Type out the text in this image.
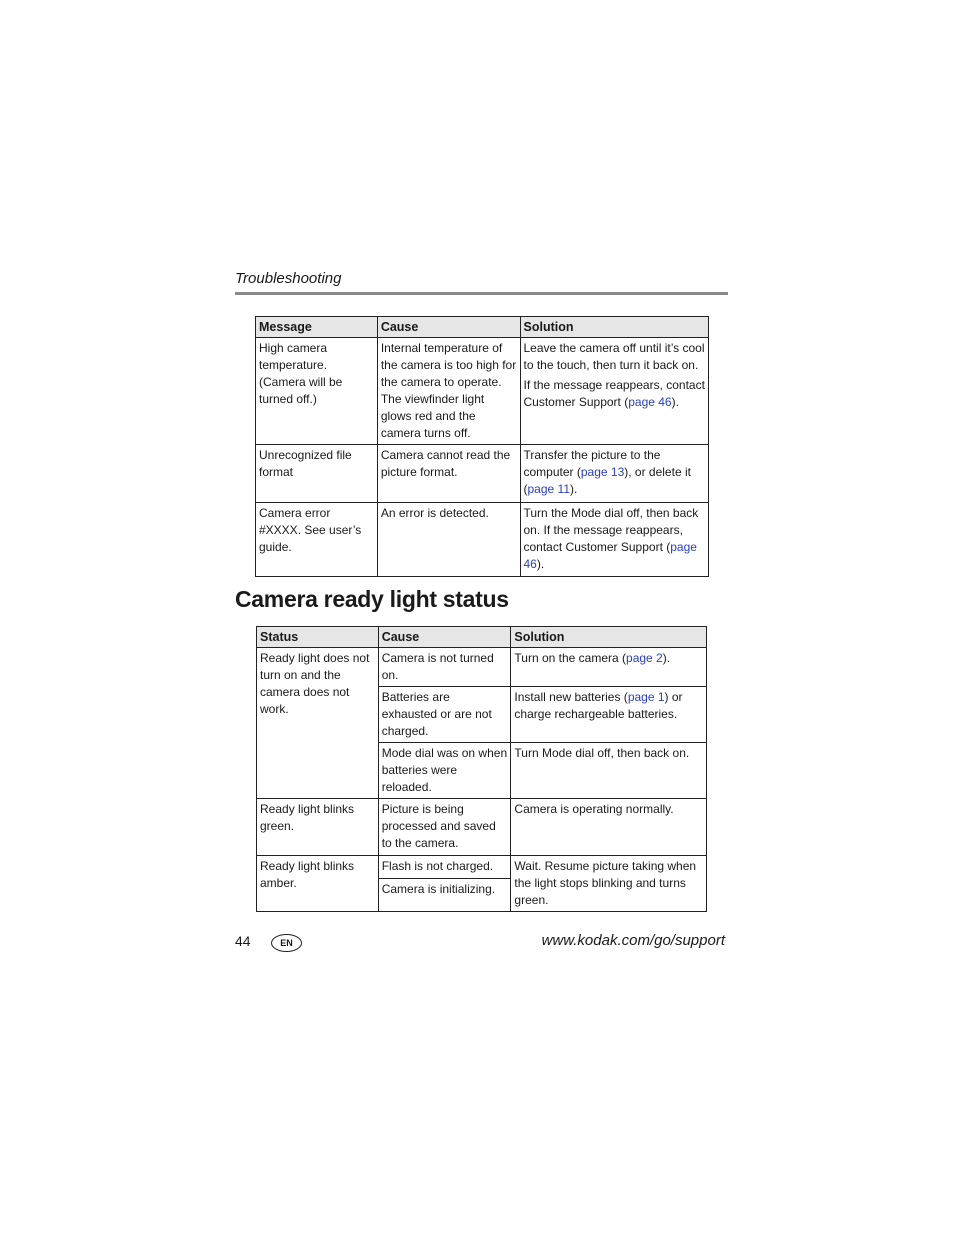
Troubleshooting
Message	Cause	Solution
High camera temperature. (Camera will be turned off.)	Internal temperature of the camera is too high for the camera to operate. The viewfinder light glows red and the camera turns off.	Leave the camera off until it’s cool to the touch, then turn it back on.

If the message reappears, contact Customer Support (page 46).

Unrecognized file format	Camera cannot read the picture format.	Transfer the picture to the computer (page 13), or delete it (page 11).
Camera error #XXXX. See user’s guide.	An error is detected.	Turn the Mode dial off, then back on. If the message reappears, contact Customer Support (page 46).
Camera ready light status
Status	Cause	Solution
Ready light does not turn on and the camera does not work.	Camera is not turned on.	Turn on the camera (page 2).
	Batteries are exhausted or are not charged.	Install new batteries (page 1) or charge rechargeable batteries.
	Mode dial was on when batteries were reloaded.	Turn Mode dial off, then back on.
Ready light blinks green.	Picture is being processed and saved to the camera.	Camera is operating normally.
Ready light blinks amber.	Flash is not charged.	Wait. Resume picture taking when the light stops blinking and turns green.
	Camera is initializing.	
44	EN	www.kodak.com/go/support
